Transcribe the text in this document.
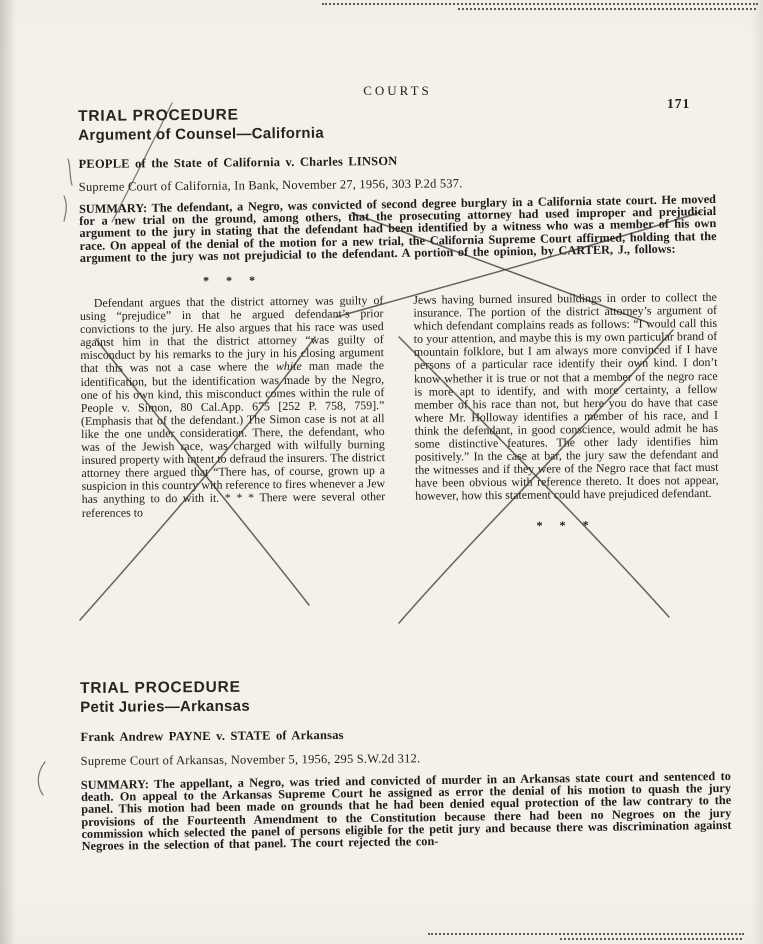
COURTS
171
TRIAL PROCEDURE
Argument of Counsel—California
PEOPLE of the State of California v. Charles LINSON
Supreme Court of California, In Bank, November 27, 1956, 303 P.2d 537.

SUMMARY: The defendant, a Negro, was convicted of second degree burglary in a California state court. He moved for a new trial on the ground, among others, that the prosecuting attorney had used improper and prejudicial argument to the jury in stating that the defendant had been identified by a witness who was a member of his own race. On appeal of the denial of the motion for a new trial, the California Supreme Court affirmed, holding that the argument to the jury was not prejudicial to the defendant. A portion of the opinion, by CARTER, J., follows:

* * *

Defendant argues that the district attorney was guilty of using “prejudice” in that he argued defendant’s prior convictions to the jury. He also argues that his race was used against him in that the district attorney “was guilty of misconduct by his remarks to the jury in his closing argument that this was not a case where the white man made the identification, but the identification was made by the Negro, one of his own kind, this misconduct comes within the rule of People v. Simon, 80 Cal.App. 675 [252 P. 758, 759].” (Emphasis that of the defendant.) The Simon case is not at all like the one under consideration. There, the defendant, who was of the Jewish race, was charged with wilfully burning insured property with intent to defraud the insurers. The district attorney there argued that “There has, of course, grown up a suspicion in this country with reference to fires whenever a Jew has anything to do with it. * * * There were several other references to

Jews having burned insured buildings in order to collect the insurance. The portion of the district attorney’s argument of which defendant complains reads as follows: “I would call this to your attention, and maybe this is my own particular brand of mountain folklore, but I am always more convinced if I have persons of a particular race identify their own kind. I don’t know whether it is true or not that a member of the negro race is more apt to identify, and with more certainty, a fellow member of his race than not, but here you do have that case where Mr. Holloway identifies a member of his race, and I think the defendant, in good conscience, would admit he has some distinctive features. The other lady identifies him positively.” In the case at bar, the jury saw the defendant and the witnesses and if they were of the Negro race that fact must have been obvious with reference thereto. It does not appear, however, how this statement could have prejudiced defendant.

* * *
TRIAL PROCEDURE
Petit Juries—Arkansas
Frank Andrew PAYNE v. STATE of Arkansas
Supreme Court of Arkansas, November 5, 1956, 295 S.W.2d 312.

SUMMARY: The appellant, a Negro, was tried and convicted of murder in an Arkansas state court and sentenced to death. On appeal to the Arkansas Supreme Court he assigned as error the denial of his motion to quash the jury panel. This motion had been made on grounds that he had been denied equal protection of the law contrary to the provisions of the Fourteenth Amendment to the Constitution because there had been no Negroes on the jury commission which selected the panel of persons eligible for the petit jury and because there was discrimination against Negroes in the selection of that panel. The court rejected the con-
